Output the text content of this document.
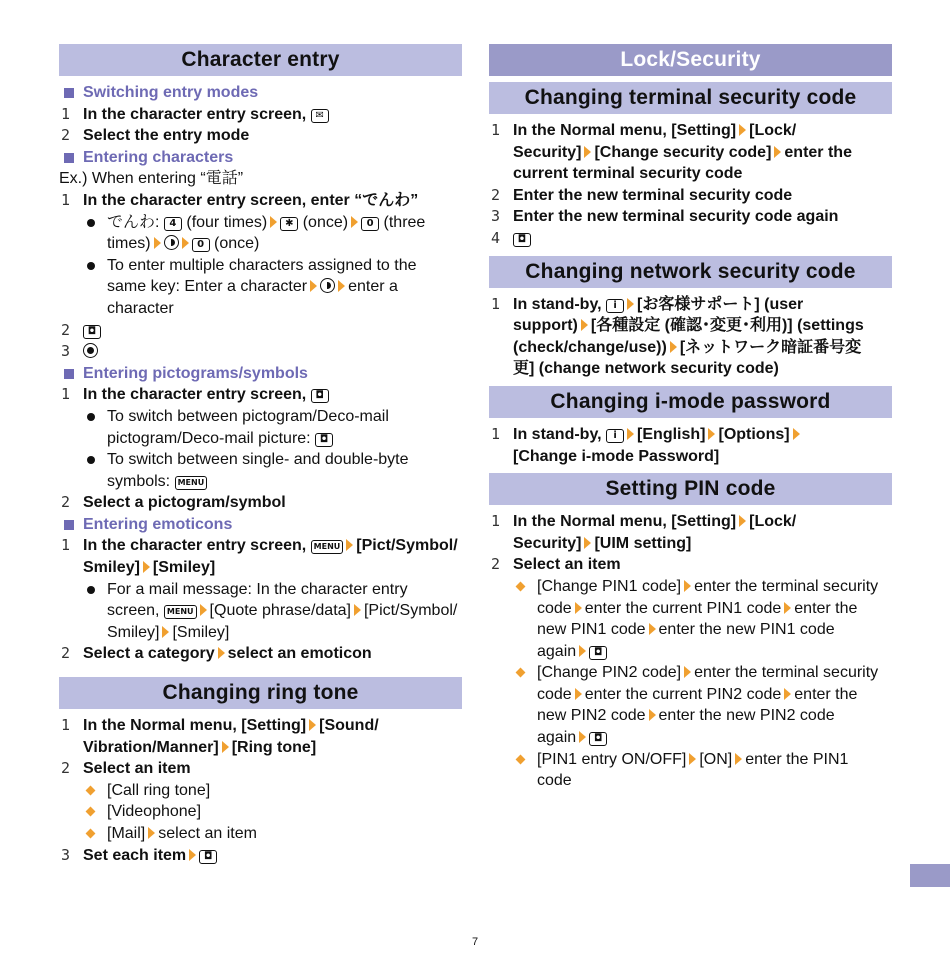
Character entry
Switching entry modes
1 In the character entry screen, ✉
2 Select the entry mode
Entering characters
Ex.) When entering “電話”
1 In the character entry screen, enter “でんわ”
でんわ: 4 (four times) ✱ (once) 0 (three
times)	0 (once)
To enter multiple characters assigned to the
same key: Enter a character	enter a
character
2 ◘
3
Entering pictograms/symbols
1 In the character entry screen, ◘
To switch between pictogram/Deco-mail
pictogram/Deco-mail picture: ◘
To switch between single- and double-byte
symbols: MENU
2 Select a pictogram/symbol
Entering emoticons
1 In the character entry screen, MENU [Pict/Symbol/
Smiley] [Smiley]
For a mail message: In the character entry
screen, MENU [Quote phrase/data] [Pict/Symbol/
Smiley] [Smiley]
2 Select a category select an emoticon
Changing ring tone
1 In the Normal menu, [Setting] [Sound/
Vibration/Manner] [Ring tone]
2 Select an item
[Call ring tone]
[Videophone]
[Mail] select an item
3 Set each item ◘
Lock/Security
Changing terminal security code
1 In the Normal menu, [Setting] [Lock/
Security] [Change security code] enter the
current terminal security code
2 Enter the new terminal security code
3 Enter the new terminal security code again
4 ◘
Changing network security code
1 In stand-by, i [お客様サポート] (user
support) [各種設定 (確認･変更･利用)] (settings
(check/change/use)) [ネットワーク暗証番号変
更] (change network security code)
Changing i-mode password
1 In stand-by, i [English] [Options]
[Change i-mode Password]
Setting PIN code
1 In the Normal menu, [Setting] [Lock/
Security] [UIM setting]
2 Select an item
[Change PIN1 code] enter the terminal security
code enter the current PIN1 code enter the
new PIN1 code enter the new PIN1 code
again ◘
[Change PIN2 code] enter the terminal security
code enter the current PIN2 code enter the
new PIN2 code enter the new PIN2 code
again ◘
[PIN1 entry ON/OFF] [ON] enter the PIN1
code
7
